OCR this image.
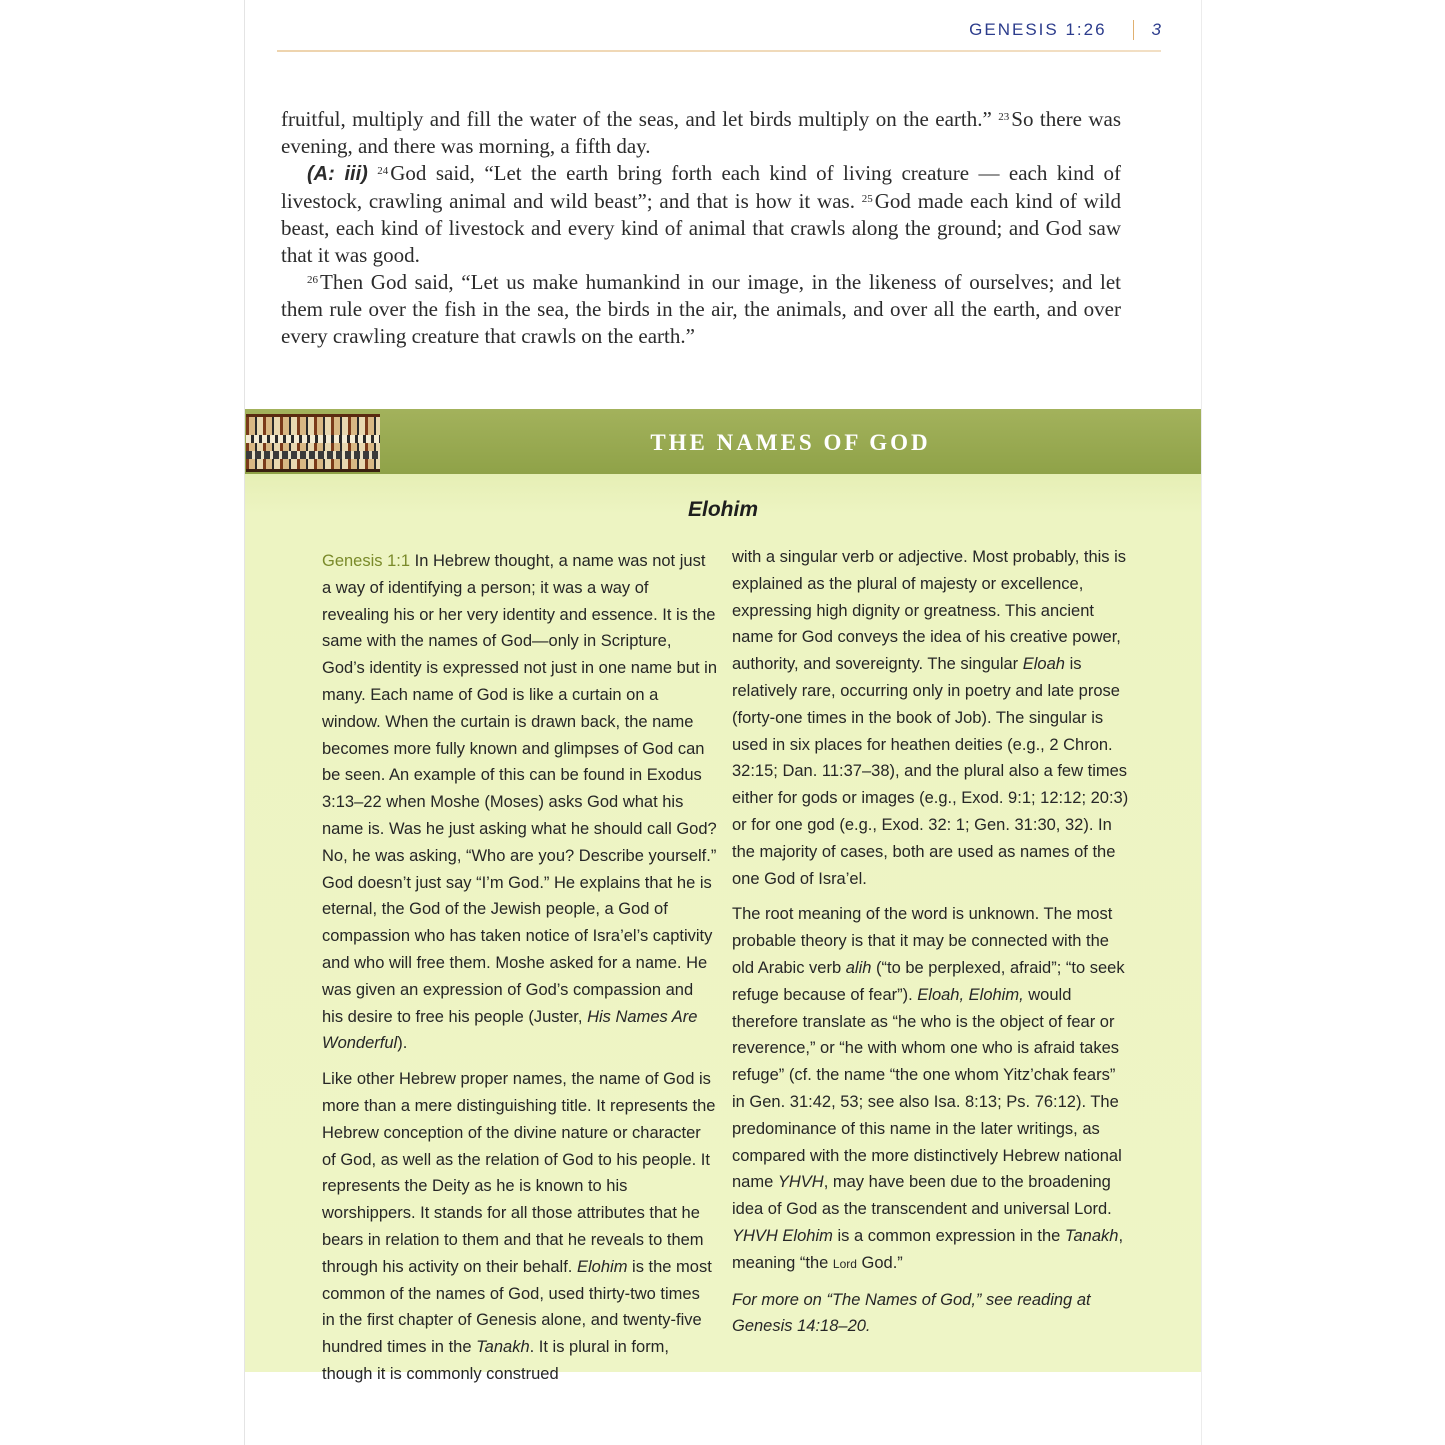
GENESIS 1:26	3

fruitful, multiply and fill the water of the seas, and let birds multiply on the earth.” $^{23}$So there was evening, and there was morning, a fifth day.

(A: iii) $^{24}$God said, “Let the earth bring forth each kind of living creature — each kind of livestock, crawling animal and wild beast”; and that is how it was. $^{25}$God made each kind of wild beast, each kind of livestock and every kind of animal that crawls along the ground; and God saw that it was good.

$^{26}$Then God said, “Let us make humankind in our image, in the likeness of ourselves; and let them rule over the fish in the sea, the birds in the air, the animals, and over all the earth, and over every crawling creature that crawls on the earth.”

THE NAMES OF GOD
Elohim

Genesis 1:1 In Hebrew thought, a name was not just a way of identifying a person; it was a way of revealing his or her very identity and essence. It is the same with the names of God—only in Scripture, God’s identity is expressed not just in one name but in many. Each name of God is like a curtain on a window. When the curtain is drawn back, the name becomes more fully known and glimpses of God can be seen. An example of this can be found in Exodus 3:13–22 when Moshe (Moses) asks God what his name is. Was he just asking what he should call God? No, he was asking, “Who are you? Describe yourself.” God doesn’t just say “I’m God.” He explains that he is eternal, the God of the Jewish people, a God of compassion who has taken notice of Isra’el’s captivity and who will free them. Moshe asked for a name. He was given an expression of God’s compassion and his desire to free his people (Juster, His Names Are Wonderful).

Like other Hebrew proper names, the name of God is more than a mere distinguishing title. It represents the Hebrew conception of the divine nature or character of God, as well as the relation of God to his people. It represents the Deity as he is known to his worshippers. It stands for all those attributes that he bears in relation to them and that he reveals to them through his activity on their behalf. Elohim is the most common of the names of God, used thirty-two times in the first chapter of Genesis alone, and twenty-five hundred times in the Tanakh. It is plural in form, though it is commonly construed

with a singular verb or adjective. Most probably, this is explained as the plural of majesty or excellence, expressing high dignity or greatness. This ancient name for God conveys the idea of his creative power, authority, and sovereignty. The singular Eloah is relatively rare, occurring only in poetry and late prose (forty-one times in the book of Job). The singular is used in six places for heathen deities (e.g., 2 Chron. 32:15; Dan. 11:37–38), and the plural also a few times either for gods or images (e.g., Exod. 9:1; 12:12; 20:3) or for one god (e.g., Exod. 32: 1; Gen. 31:30, 32). In the majority of cases, both are used as names of the one God of Isra’el.

The root meaning of the word is unknown. The most probable theory is that it may be connected with the old Arabic verb alih (“to be perplexed, afraid”; “to seek refuge because of fear”). Eloah, Elohim, would therefore translate as “he who is the object of fear or reverence,” or “he with whom one who is afraid takes refuge” (cf. the name “the one whom Yitz’chak fears” in Gen. 31:42, 53; see also Isa. 8:13; Ps. 76:12). The predominance of this name in the later writings, as compared with the more distinctively Hebrew national name YHVH, may have been due to the broadening idea of God as the transcendent and universal Lord. YHVH Elohim is a common expression in the Tanakh, meaning “the Lord God.”

For more on “The Names of God,” see reading at Genesis 14:18–20.
